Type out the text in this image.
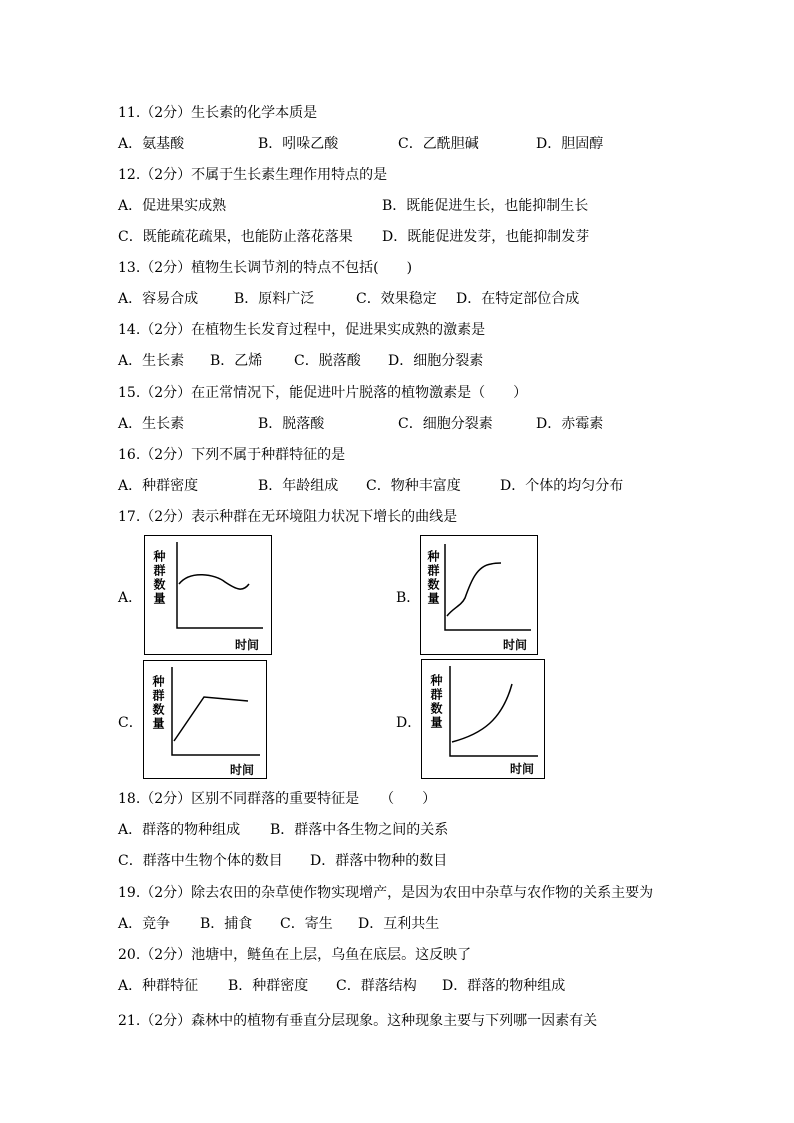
11.（2分）生长素的化学本质是
A．氨基酸	B．吲哚乙酸	C．乙酰胆碱	D．胆固醇
12.（2分）不属于生长素生理作用特点的是
A．促进果实成熟	B．既能促进生长，也能抑制生长
C．既能疏花疏果，也能防止落花落果 D．既能促进发芽，也能抑制发芽
13.（2分）植物生长调节剂的特点不包括(　　)
A．容易合成	B．原料广泛	C．效果稳定 D．在特定部位合成
14.（2分）在植物生长发育过程中，促进果实成熟的激素是
A．生长素 B．乙烯 C．脱落酸 D．细胞分裂素
15.（2分）在正常情况下，能促进叶片脱落的植物激素是（　　）
A．生长素	B．脱落酸	C．细胞分裂素	D．赤霉素
16.（2分）下列不属于种群特征的是
A．种群密度	B．年龄组成 C．物种丰富度	D．个体的均匀分布
17.（2分）表示种群在无环境阻力状况下增长的曲线是
A． 种群数量
时间
B． 种群数量
时间
C． 种群数量
时间
D． 种群数量
时间
18.（2分）区别不同群落的重要特征是　　（　　）
A．群落的物种组成 B．群落中各生物之间的关系
C．群落中生物个体的数目 D．群落中物种的数目
19.（2分）除去农田的杂草使作物实现增产，是因为农田中杂草与农作物的关系主要为
A．竞争 B．捕食 C．寄生 D．互利共生
20.（2分）池塘中，鲢鱼在上层，乌鱼在底层。这反映了
A．种群特征 B．种群密度 C．群落结构 D．群落的物种组成
21.（2分）森林中的植物有垂直分层现象。这种现象主要与下列哪一因素有关
